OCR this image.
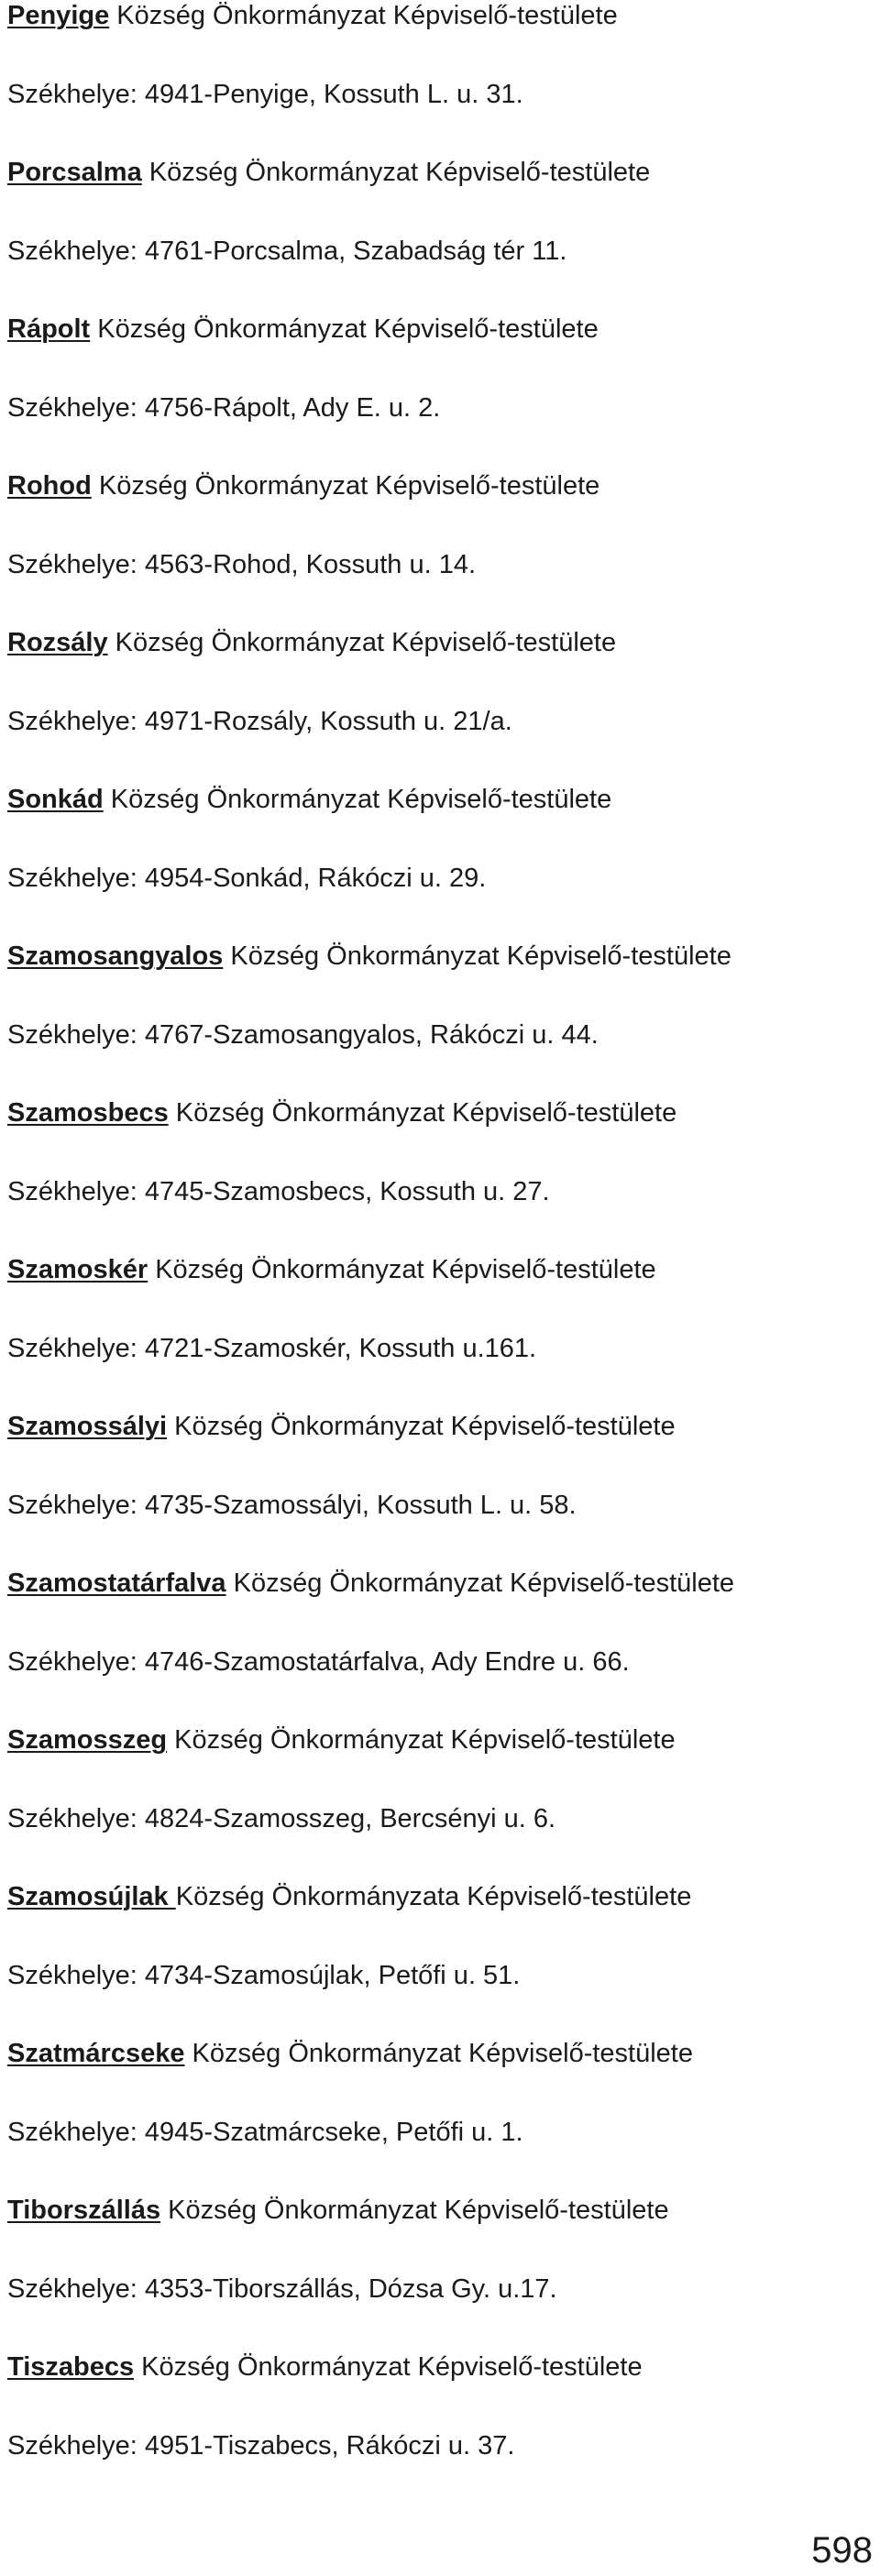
Penyige Község Önkormányzat Képviselő-testülete
Székhelye: 4941-Penyige, Kossuth L. u. 31.
Porcsalma Község Önkormányzat Képviselő-testülete
Székhelye: 4761-Porcsalma, Szabadság tér 11.
Rápolt Község Önkormányzat Képviselő-testülete
Székhelye: 4756-Rápolt, Ady E. u. 2.
Rohod Község Önkormányzat Képviselő-testülete
Székhelye: 4563-Rohod, Kossuth u. 14.
Rozsály Község Önkormányzat Képviselő-testülete
Székhelye: 4971-Rozsály, Kossuth u. 21/a.
Sonkád Község Önkormányzat Képviselő-testülete
Székhelye: 4954-Sonkád, Rákóczi u. 29.
Szamosangyalos Község Önkormányzat Képviselő-testülete
Székhelye: 4767-Szamosangyalos, Rákóczi u. 44.
Szamosbecs Község Önkormányzat Képviselő-testülete
Székhelye: 4745-Szamosbecs, Kossuth u. 27.
Szamoskér Község Önkormányzat Képviselő-testülete
Székhelye: 4721-Szamoskér, Kossuth u.161.
Szamossályi Község Önkormányzat Képviselő-testülete
Székhelye: 4735-Szamossályi, Kossuth L. u. 58.
Szamostatárfalva Község Önkormányzat Képviselő-testülete
Székhelye: 4746-Szamostatárfalva, Ady Endre u. 66.
Szamosszeg Község Önkormányzat Képviselő-testülete
Székhelye: 4824-Szamosszeg, Bercsényi u. 6.
Szamosújlak Község Önkormányzata Képviselő-testülete
Székhelye: 4734-Szamosújlak, Petőfi u. 51.
Szatmárcseke Község Önkormányzat Képviselő-testülete
Székhelye: 4945-Szatmárcseke, Petőfi u. 1.
Tiborszállás Község Önkormányzat Képviselő-testülete
Székhelye: 4353-Tiborszállás, Dózsa Gy. u.17.
Tiszabecs Község Önkormányzat Képviselő-testülete
Székhelye: 4951-Tiszabecs, Rákóczi u. 37.
598
